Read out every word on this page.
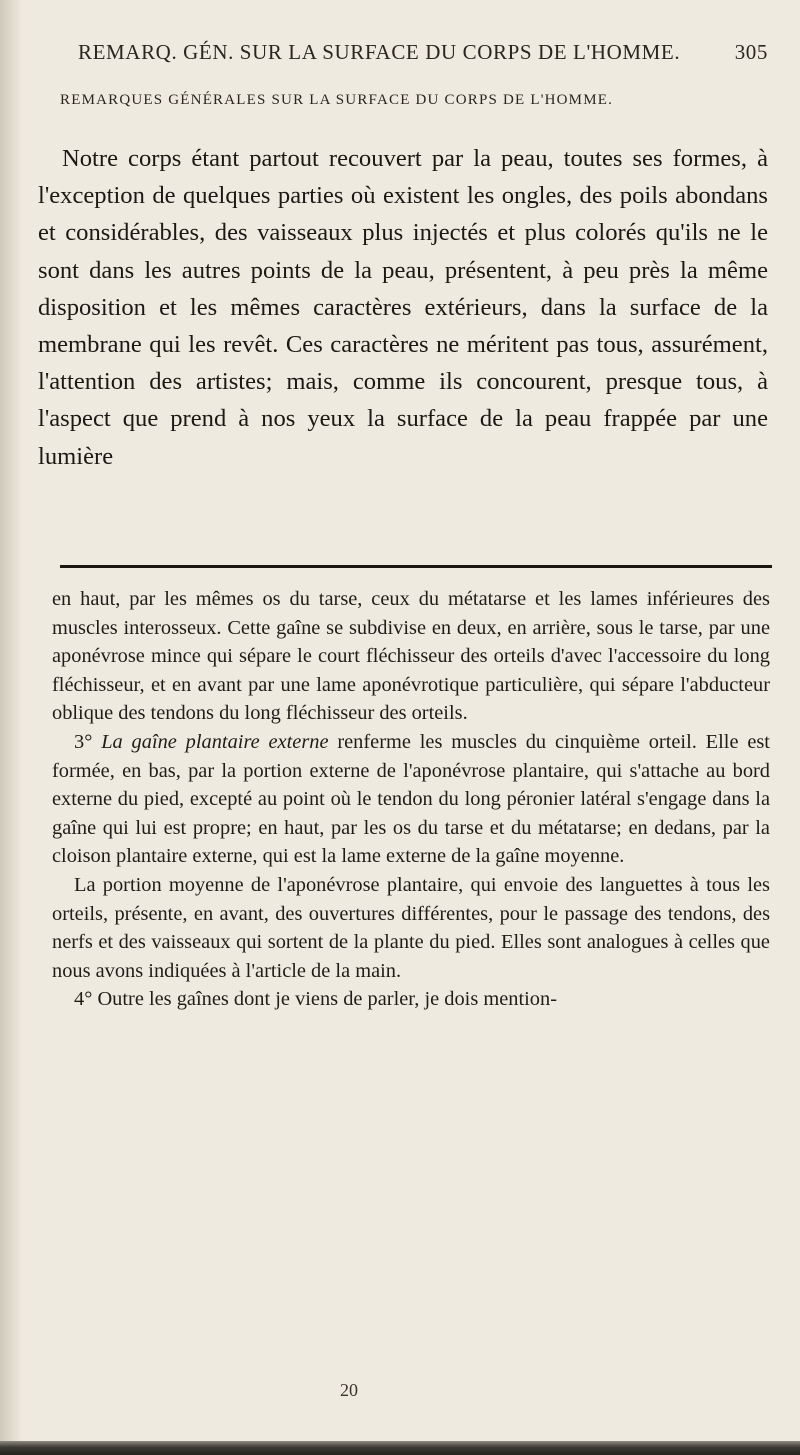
REMARQ. GÉN. SUR LA SURFACE DU CORPS DE L'HOMME.	305
REMARQUES GÉNÉRALES SUR LA SURFACE DU CORPS DE L'HOMME.
Notre corps étant partout recouvert par la peau, toutes ses formes, à l'exception de quelques parties où existent les ongles, des poils abondans et considérables, des vaisseaux plus injectés et plus colorés qu'ils ne le sont dans les autres points de la peau, présentent, à peu près la même disposition et les mêmes caractères extérieurs, dans la surface de la membrane qui les revêt. Ces caractères ne méritent pas tous, assurément, l'attention des artistes; mais, comme ils concourent, presque tous, à l'aspect que prend à nos yeux la surface de la peau frappée par une lumière

en haut, par les mêmes os du tarse, ceux du métatarse et les lames inférieures des muscles interosseux. Cette gaîne se subdivise en deux, en arrière, sous le tarse, par une aponévrose mince qui sépare le court fléchisseur des orteils d'avec l'accessoire du long fléchisseur, et en avant par une lame aponévrotique particulière, qui sépare l'abducteur oblique des tendons du long fléchisseur des orteils.

3° La gaîne plantaire externe renferme les muscles du cinquième orteil. Elle est formée, en bas, par la portion externe de l'aponévrose plantaire, qui s'attache au bord externe du pied, excepté au point où le tendon du long péronier latéral s'engage dans la gaîne qui lui est propre; en haut, par les os du tarse et du métatarse; en dedans, par la cloison plantaire externe, qui est la lame externe de la gaîne moyenne.

La portion moyenne de l'aponévrose plantaire, qui envoie des languettes à tous les orteils, présente, en avant, des ouvertures différentes, pour le passage des tendons, des nerfs et des vaisseaux qui sortent de la plante du pied. Elles sont analogues à celles que nous avons indiquées à l'article de la main.

4° Outre les gaînes dont je viens de parler, je dois mention-

20
